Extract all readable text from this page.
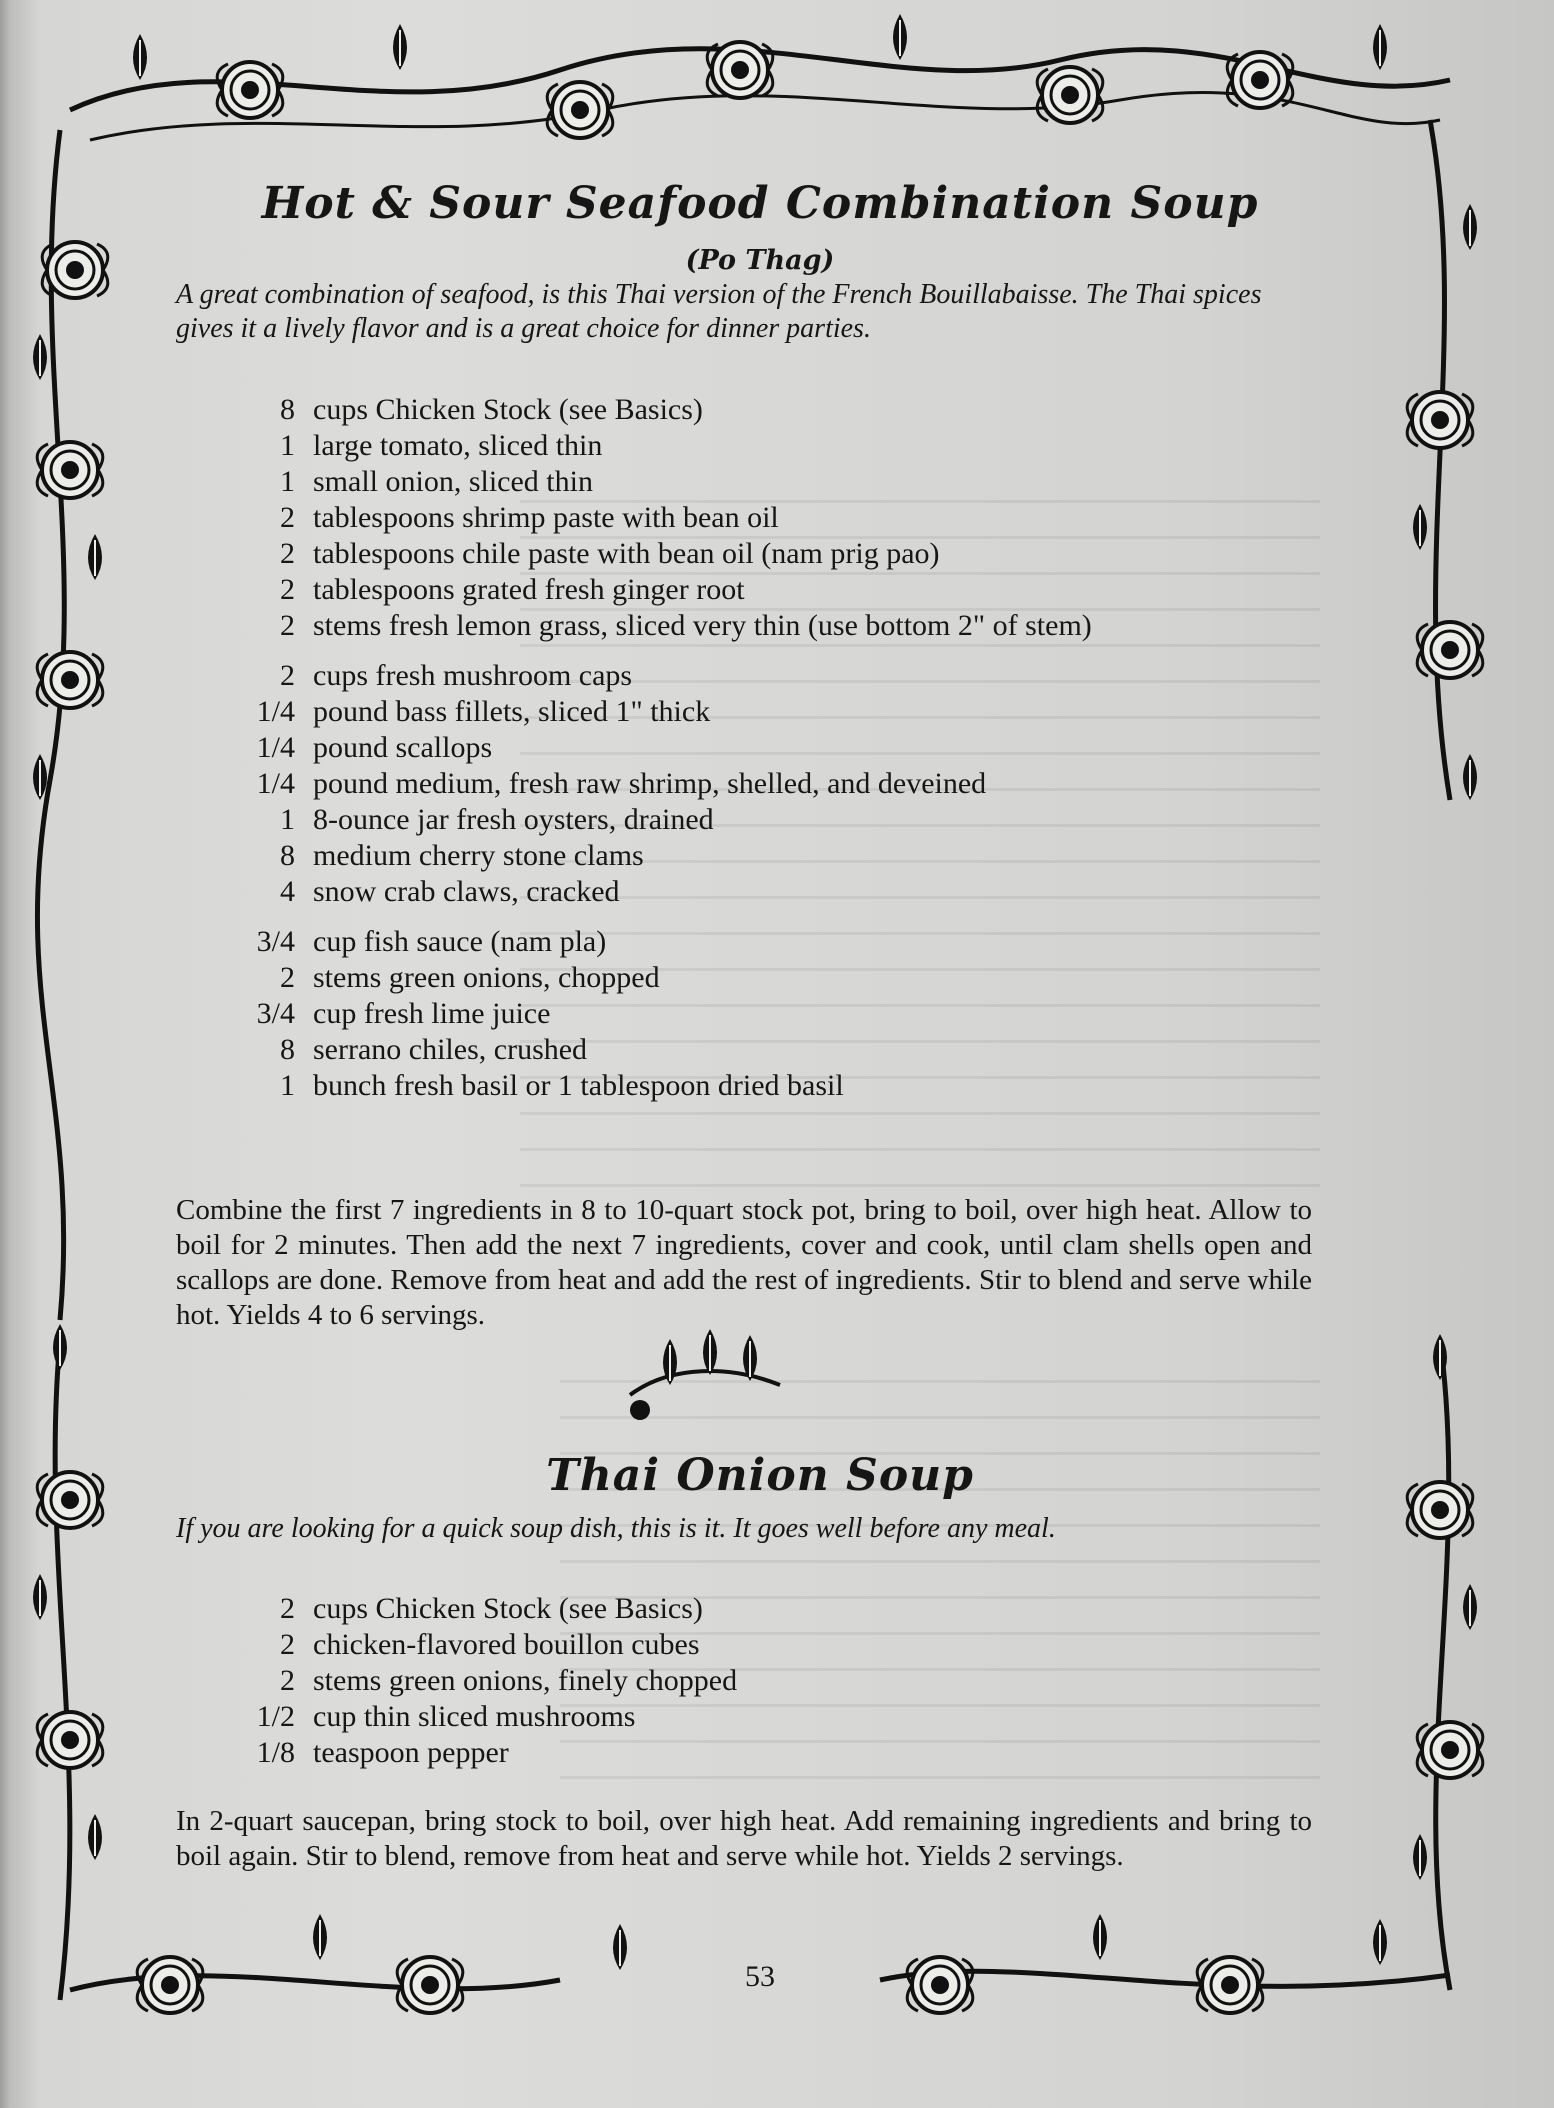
Hot & Sour Seafood Combination Soup
(Po Thag)
A great combination of seafood, is this Thai version of the French Bouillabaisse. The Thai spices gives it a lively flavor and is a great choice for dinner parties.
8 cups Chicken Stock (see Basics)
1 large tomato, sliced thin
1 small onion, sliced thin
2 tablespoons shrimp paste with bean oil
2 tablespoons chile paste with bean oil (nam prig pao)
2 tablespoons grated fresh ginger root
2 stems fresh lemon grass, sliced very thin (use bottom 2" of stem)
2 cups fresh mushroom caps
1/4 pound bass fillets, sliced 1" thick
1/4 pound scallops
1/4 pound medium, fresh raw shrimp, shelled, and deveined
1 8-ounce jar fresh oysters, drained
8 medium cherry stone clams
4 snow crab claws, cracked
3/4 cup fish sauce (nam pla)
2 stems green onions, chopped
3/4 cup fresh lime juice
8 serrano chiles, crushed
1 bunch fresh basil or 1 tablespoon dried basil
Combine the first 7 ingredients in 8 to 10-quart stock pot, bring to boil, over high heat. Allow to boil for 2 minutes. Then add the next 7 ingredients, cover and cook, until clam shells open and scallops are done. Remove from heat and add the rest of ingredients. Stir to blend and serve while hot. Yields 4 to 6 servings.
Thai Onion Soup
If you are looking for a quick soup dish, this is it. It goes well before any meal.
2 cups Chicken Stock (see Basics)
2 chicken-flavored bouillon cubes
2 stems green onions, finely chopped
1/2 cup thin sliced mushrooms
1/8 teaspoon pepper
In 2-quart saucepan, bring stock to boil, over high heat. Add remaining ingredients and bring to boil again. Stir to blend, remove from heat and serve while hot. Yields 2 servings.
53
